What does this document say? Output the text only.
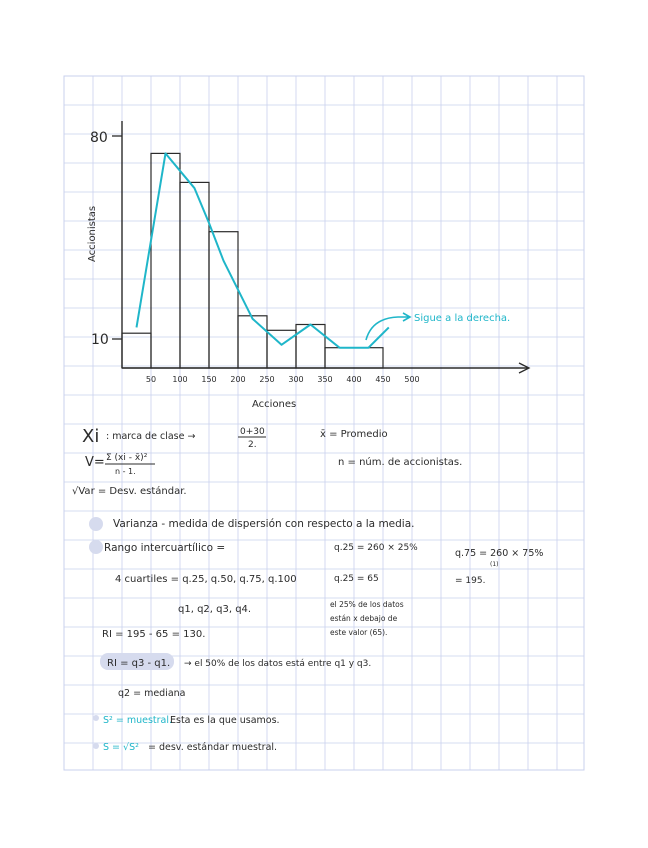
80
10
50 100 150 200 250 300 350 400 450 500
Accionistas
Acciones
Sigue a la derecha.
Xi : marca de clase →	0+30
2.
x̄ = Promedio
V= Σ (xi - x̄)²
n - 1.
n = núm. de accionistas.
√Var = Desv. estándar.
Varianza - medida de dispersión con respecto a la media.
Rango intercuartílico =	q.25 = 260 × 25%	q.75 = 260 × 75%
(1)
4 cuartiles = q.25, q.50, q.75, q.100	q.25 = 65	= 195.
q1, q2, q3, q4.	el 25% de los datos
están x debajo de
este valor (65).
RI = 195 - 65 = 130.
RI = q3 - q1. → el 50% de los datos está entre q1 y q3.
q2 = mediana
S² = muestral.
Esta es la que usamos.
S = √S² = desv. estándar muestral.
